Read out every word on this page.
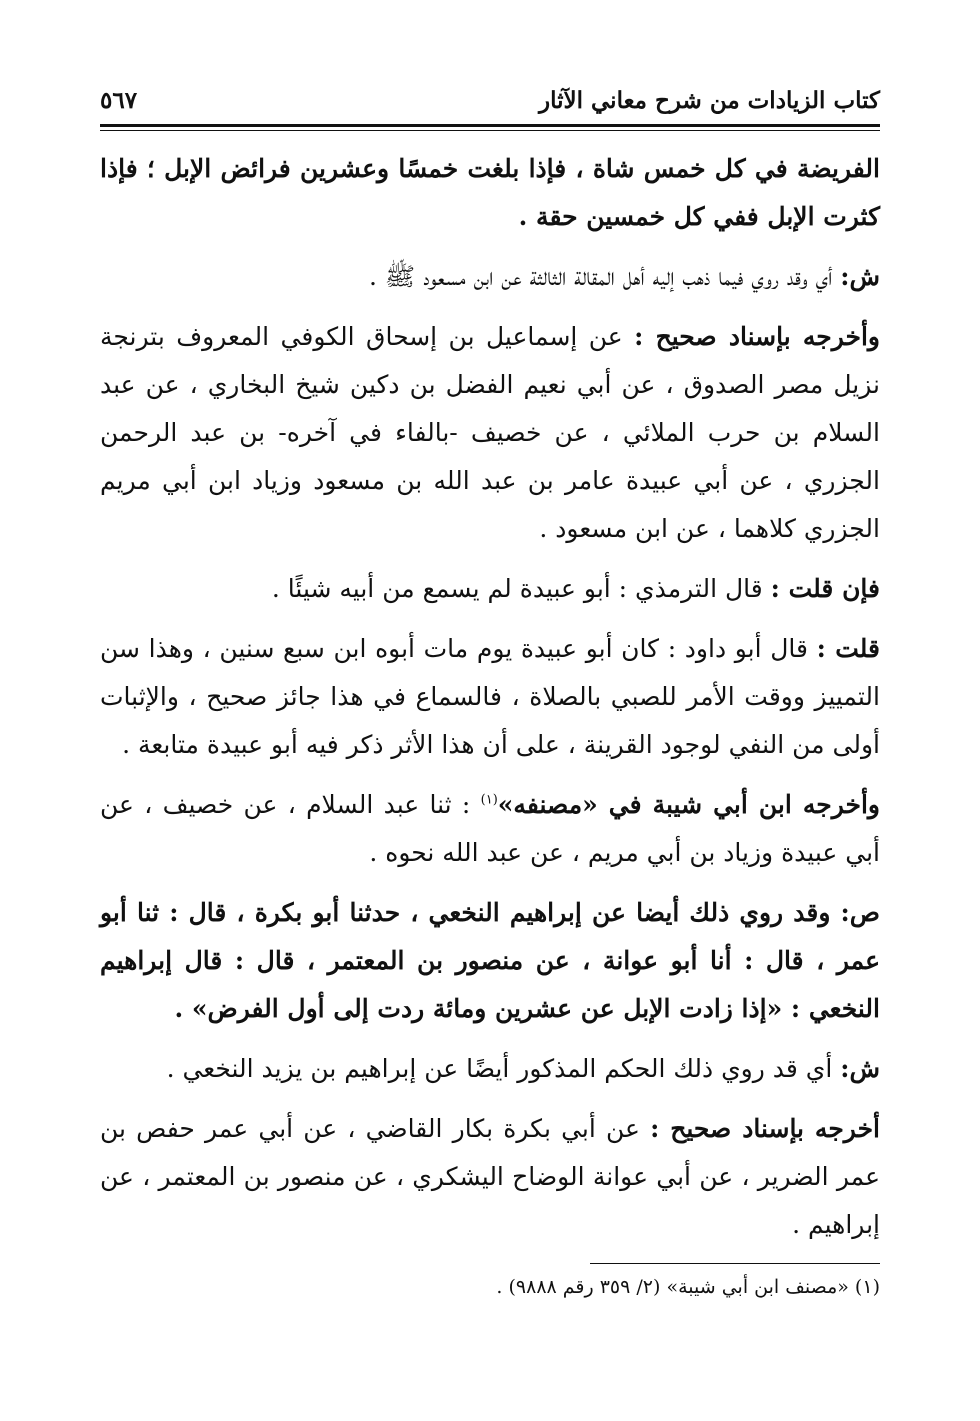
كتاب الزيادات من شرح معاني الآثار
٥٦٧

الفريضة في كل خمس شاة ، فإذا بلغت خمسًا وعشرين فرائض الإبل ؛ فإذا كثرت الإبل ففي كل خمسين حقة .

ش: أي وقد روي فيما ذهب إليه أهل المقالة الثالثة عن ابن مسعود ﷺ .

وأخرجه بإسناد صحيح : عن إسماعيل بن إسحاق الكوفي المعروف بترنجة نزيل مصر الصدوق ، عن أبي نعيم الفضل بن دكين شيخ البخاري ، عن عبد السلام بن حرب الملائي ، عن خصيف -بالفاء في آخره- بن عبد الرحمن الجزري ، عن أبي عبيدة عامر بن عبد الله بن مسعود وزياد ابن أبي مريم الجزري كلاهما ، عن ابن مسعود .

فإن قلت : قال الترمذي : أبو عبيدة لم يسمع من أبيه شيئًا .

قلت : قال أبو داود : كان أبو عبيدة يوم مات أبوه ابن سبع سنين ، وهذا سن التمييز ووقت الأمر للصبي بالصلاة ، فالسماع في هذا جائز صحيح ، والإثبات أولى من النفي لوجود القرينة ، على أن هذا الأثر ذكر فيه أبو عبيدة متابعة .

وأخرجه ابن أبي شيبة في «مصنفه»$^{(١)}$ : ثنا عبد السلام ، عن خصيف ، عن أبي عبيدة وزياد بن أبي مريم ، عن عبد الله نحوه .

ص: وقد روي ذلك أيضا عن إبراهيم النخعي ، حدثنا أبو بكرة ، قال : ثنا أبو عمر ، قال : أنا أبو عوانة ، عن منصور بن المعتمر ، قال : قال إبراهيم النخعي : «إذا زادت الإبل عن عشرين ومائة ردت إلى أول الفرض» .

ش: أي قد روي ذلك الحكم المذكور أيضًا عن إبراهيم بن يزيد النخعي .

أخرجه بإسناد صحيح : عن أبي بكرة بكار القاضي ، عن أبي عمر حفص بن عمر الضرير ، عن أبي عوانة الوضاح اليشكري ، عن منصور بن المعتمر ، عن إبراهيم .

(١) «مصنف ابن أبي شيبة» (٢/ ٣٥٩ رقم ٩٨٨٨) .
